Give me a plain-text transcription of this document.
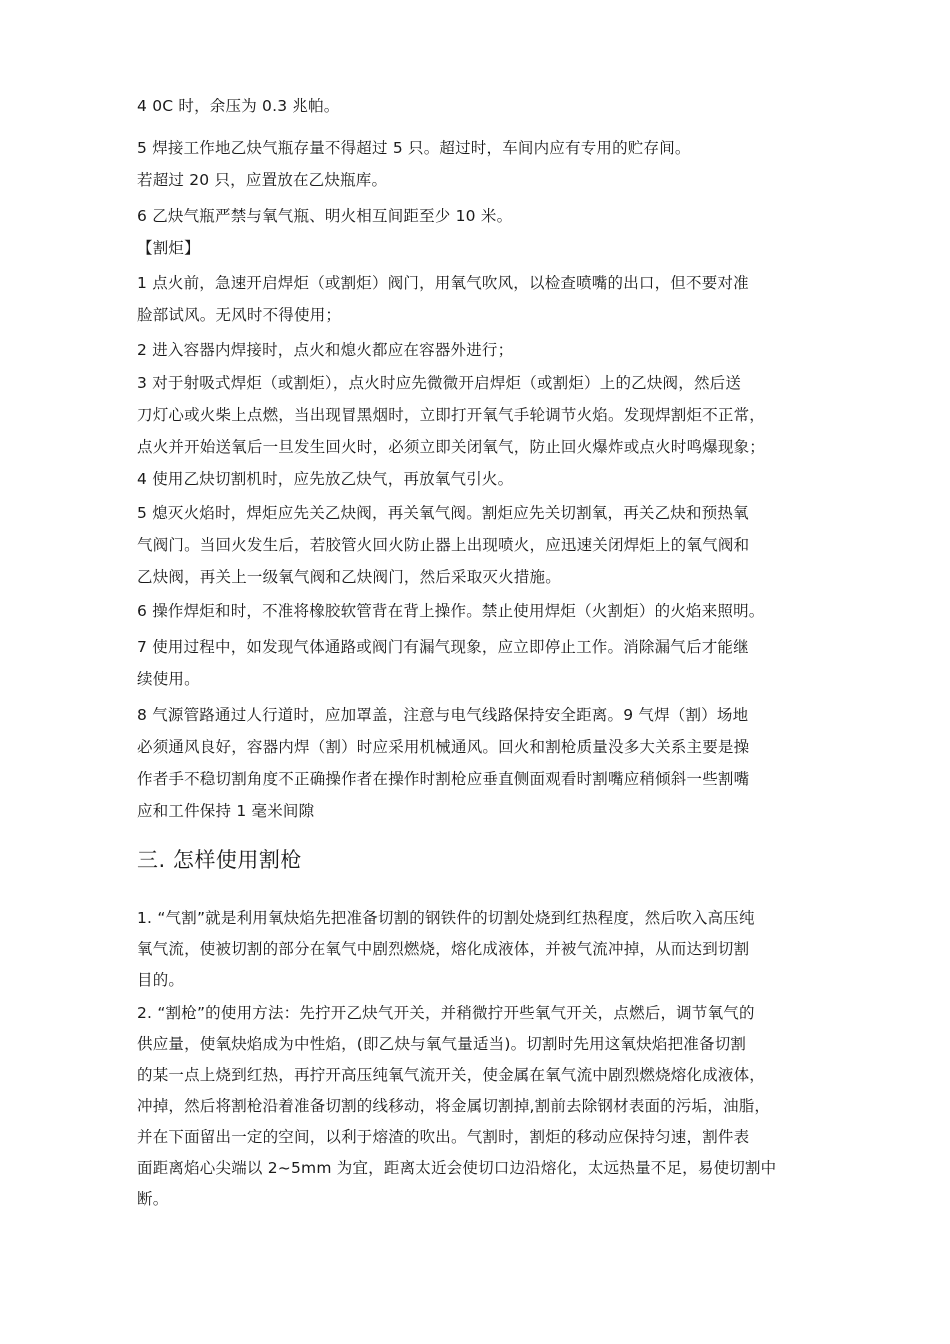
4 0C 时，余压为 0.3 兆帕。

5 焊接工作地乙炔气瓶存量不得超过 5 只。超过时，车间内应有专用的贮存间。
若超过 20 只，应置放在乙炔瓶库。

6 乙炔气瓶严禁与氧气瓶、明火相互间距至少 10 米。

【割炬】

1 点火前，急速开启焊炬（或割炬）阀门，用氧气吹风，以检查喷嘴的出口，但不要对准
脸部试风。无风时不得使用；

2 进入容器内焊接时，点火和熄火都应在容器外进行；

3 对于射吸式焊炬（或割炬），点火时应先微微开启焊炬（或割炬）上的乙炔阀，然后送
刀灯心或火柴上点燃，当出现冒黑烟时，立即打开氧气手轮调节火焰。发现焊割炬不正常，
点火并开始送氧后一旦发生回火时，必须立即关闭氧气，防止回火爆炸或点火时鸣爆现象；

4 使用乙炔切割机时，应先放乙炔气，再放氧气引火。

5 熄灭火焰时，焊炬应先关乙炔阀，再关氧气阀。割炬应先关切割氧，再关乙炔和预热氧
气阀门。当回火发生后，若胶管火回火防止器上出现喷火，应迅速关闭焊炬上的氧气阀和
乙炔阀，再关上一级氧气阀和乙炔阀门，然后采取灭火措施。

6 操作焊炬和时，不准将橡胶软管背在背上操作。禁止使用焊炬（火割炬）的火焰来照明。

7 使用过程中，如发现气体通路或阀门有漏气现象，应立即停止工作。消除漏气后才能继
续使用。

8 气源管路通过人行道时，应加罩盖，注意与电气线路保持安全距离。9 气焊（割）场地
必须通风良好，容器内焊（割）时应采用机械通风。回火和割枪质量没多大关系主要是操
作者手不稳切割角度不正确操作者在操作时割枪应垂直侧面观看时割嘴应稍倾斜一些割嘴
应和工件保持 1 毫米间隙

三. 怎样使用割枪

1. “气割”就是利用氧炔焰先把准备切割的钢铁件的切割处烧到红热程度，然后吹入高压纯
氧气流，使被切割的部分在氧气中剧烈燃烧，熔化成液体，并被气流冲掉，从而达到切割
目的。

2. “割枪”的使用方法：先拧开乙炔气开关，并稍微拧开些氧气开关，点燃后，调节氧气的
供应量，使氧炔焰成为中性焰，(即乙炔与氧气量适当)。切割时先用这氧炔焰把准备切割
的某一点上烧到红热，再拧开高压纯氧气流开关，使金属在氧气流中剧烈燃烧熔化成液体，
冲掉，然后将割枪沿着准备切割的线移动，将金属切割掉,割前去除钢材表面的污垢，油脂，
并在下面留出一定的空间，以利于熔渣的吹出。气割时，割炬的移动应保持匀速，割件表
面距离焰心尖端以 2~5mm 为宜，距离太近会使切口边沿熔化，太远热量不足，易使切割中
断。
